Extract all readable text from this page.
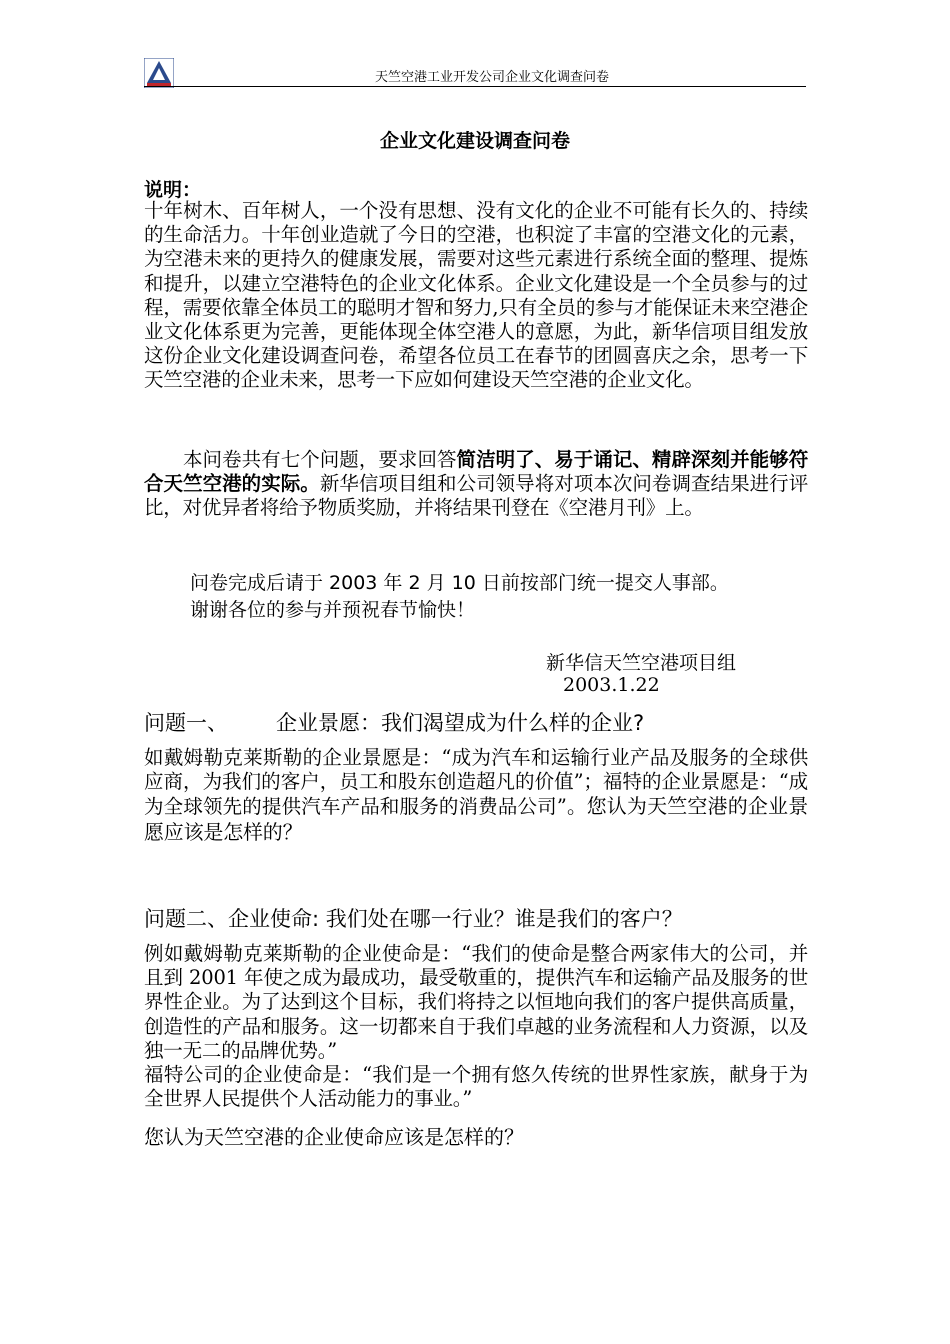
天竺空港工业开发公司企业文化调查问卷
企业文化建设调查问卷
说明：
十年树木、百年树人，一个没有思想、没有文化的企业不可能有长久的、持续的生命活力。十年创业造就了今日的空港，也积淀了丰富的空港文化的元素，为空港未来的更持久的健康发展，需要对这些元素进行系统全面的整理、提炼和提升，以建立空港特色的企业文化体系。企业文化建设是一个全员参与的过程，需要依靠全体员工的聪明才智和努力,只有全员的参与才能保证未来空港企业文化体系更为完善，更能体现全体空港人的意愿，为此，新华信项目组发放这份企业文化建设调查问卷，希望各位员工在春节的团圆喜庆之余，思考一下天竺空港的企业未来，思考一下应如何建设天竺空港的企业文化。
本问卷共有七个问题，要求回答简洁明了、易于诵记、精辟深刻并能够符合天竺空港的实际。新华信项目组和公司领导将对项本次问卷调查结果进行评比，对优异者将给予物质奖励，并将结果刊登在《空港月刊》上。
问卷完成后请于 2003 年 2 月 10 日前按部门统一提交人事部。
谢谢各位的参与并预祝春节愉快！
新华信天竺空港项目组
2003.1.22
问题一、 企业景愿：我们渴望成为什么样的企业?
如戴姆勒克莱斯勒的企业景愿是：“成为汽车和运输行业产品及服务的全球供应商，为我们的客户，员工和股东创造超凡的价值”；福特的企业景愿是：“成为全球领先的提供汽车产品和服务的消费品公司”。您认为天竺空港的企业景愿应该是怎样的？
问题二、企业使命: 我们处在哪一行业？谁是我们的客户？
例如戴姆勒克莱斯勒的企业使命是：“我们的使命是整合两家伟大的公司，并且到 2001 年使之成为最成功，最受敬重的，提供汽车和运输产品及服务的世界性企业。为了达到这个目标，我们将持之以恒地向我们的客户提供高质量，创造性的产品和服务。这一切都来自于我们卓越的业务流程和人力资源，以及独一无二的品牌优势。”
福特公司的企业使命是：“我们是一个拥有悠久传统的世界性家族，献身于为全世界人民提供个人活动能力的事业。”
您认为天竺空港的企业使命应该是怎样的？
